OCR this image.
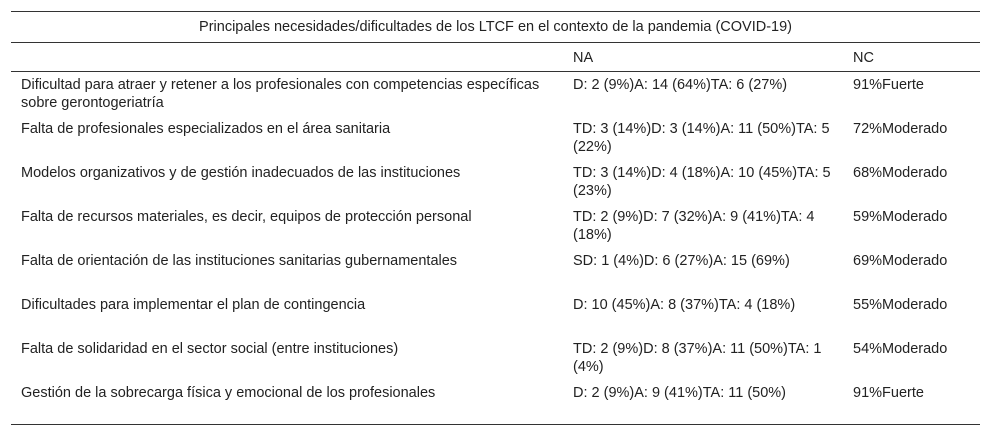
Principales necesidades/dificultades de los LTCF en el contexto de la pandemia (COVID-19)		
	NA	NC
Dificultad para atraer y retener a los profesionales con competencias específicas sobre gerontogeriatría	D: 2 (9%)A: 14 (64%)TA: 6 (27%)	91%Fuerte
Falta de profesionales especializados en el área sanitaria	TD: 3 (14%)D: 3 (14%)A: 11 (50%)TA: 5 (22%)	72%Moderado
Modelos organizativos y de gestión inadecuados de las instituciones	TD: 3 (14%)D: 4 (18%)A: 10 (45%)TA: 5 (23%)	68%Moderado
Falta de recursos materiales, es decir, equipos de protección personal	TD: 2 (9%)D: 7 (32%)A: 9 (41%)TA: 4 (18%)	59%Moderado
Falta de orientación de las instituciones sanitarias gubernamentales	SD: 1 (4%)D: 6 (27%)A: 15 (69%)	69%Moderado
Dificultades para implementar el plan de contingencia	D: 10 (45%)A: 8 (37%)TA: 4 (18%)	55%Moderado
Falta de solidaridad en el sector social (entre instituciones)	TD: 2 (9%)D: 8 (37%)A: 11 (50%)TA: 1 (4%)	54%Moderado
Gestión de la sobrecarga física y emocional de los profesionales	D: 2 (9%)A: 9 (41%)TA: 11 (50%)	91%Fuerte
